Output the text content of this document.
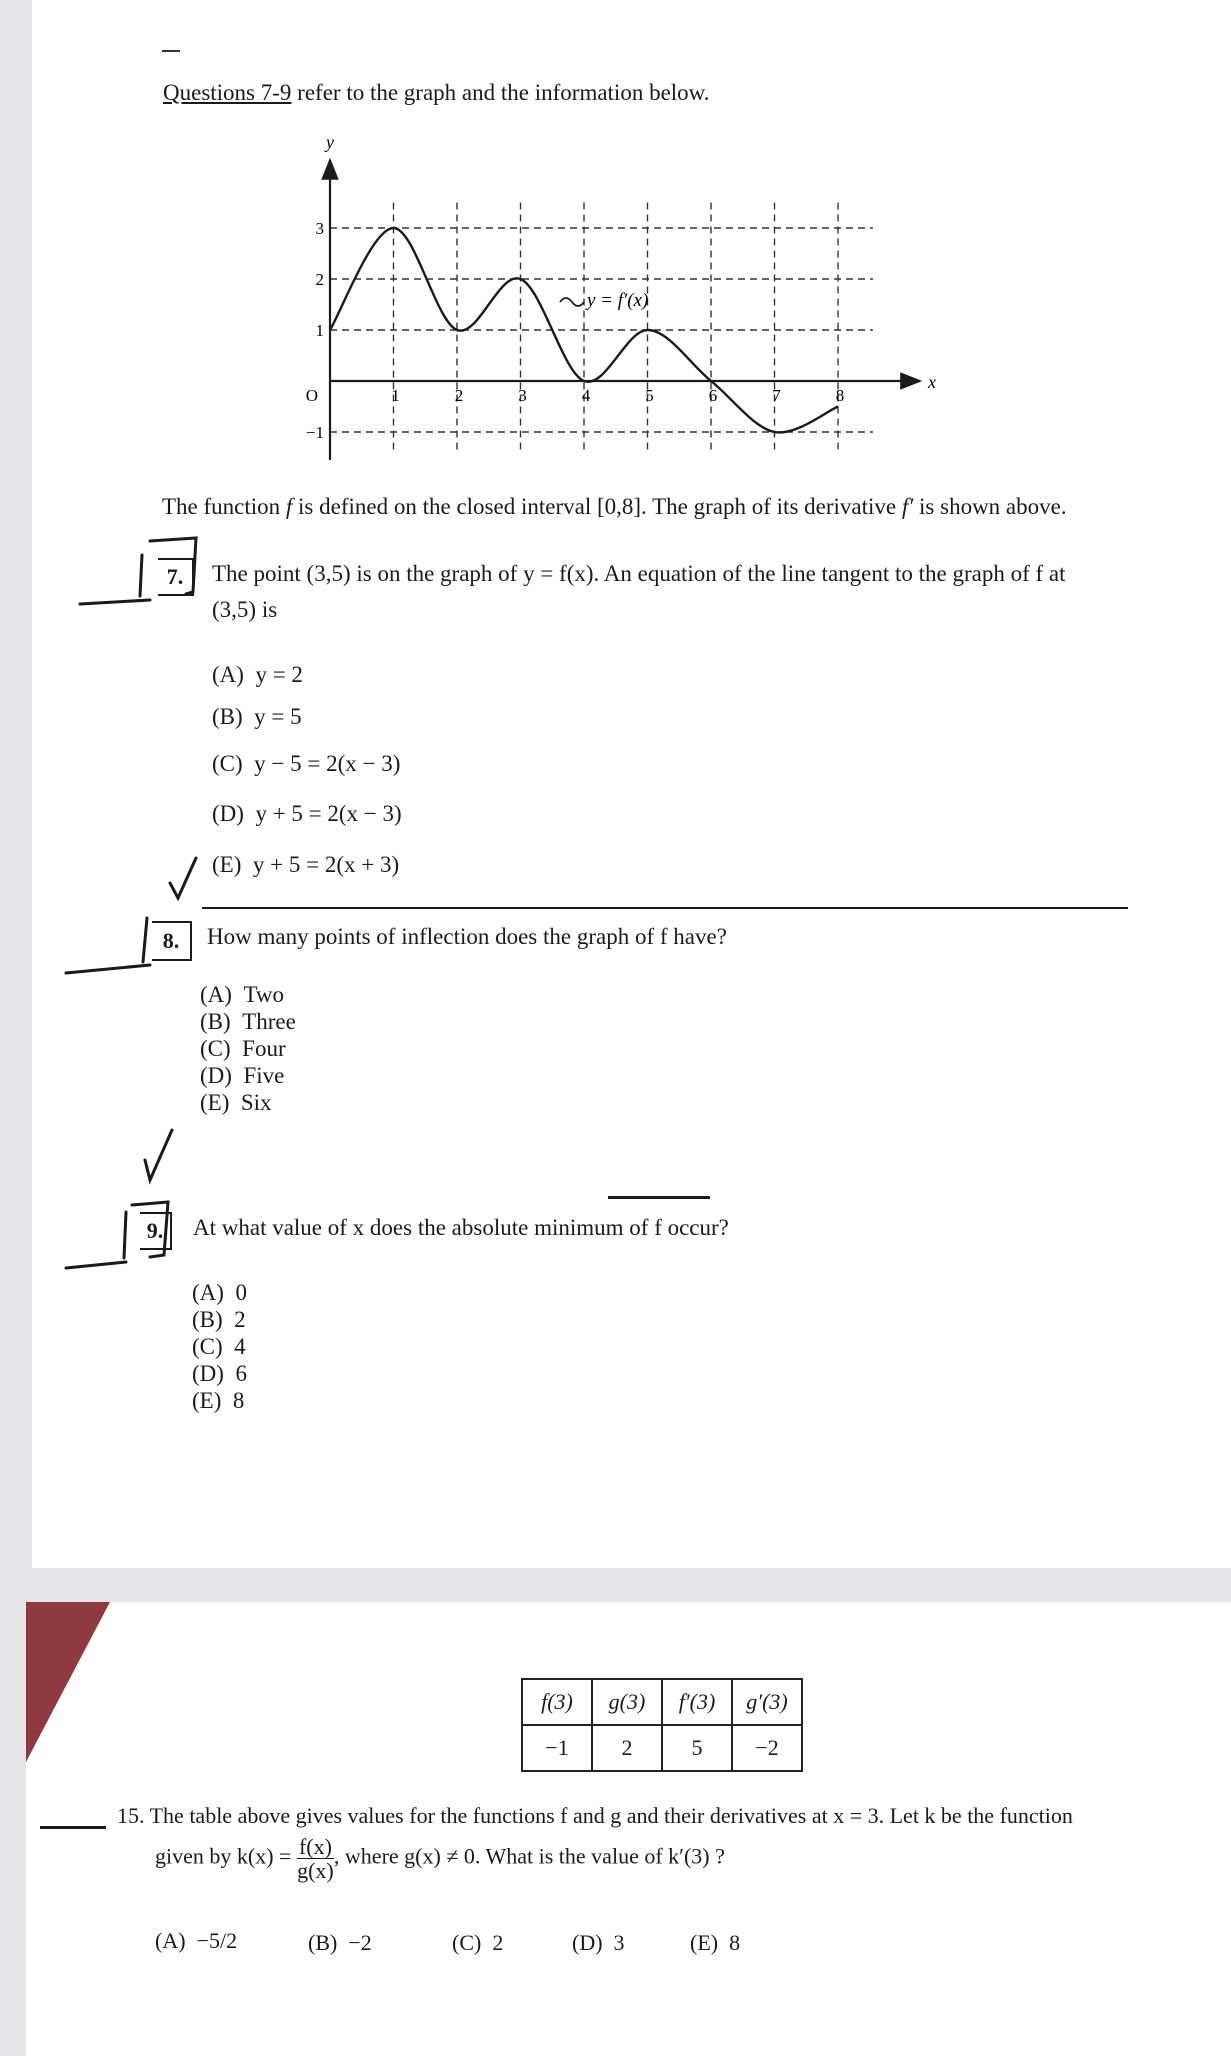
Questions 7-9 refer to the graph and the information below.
y
x
3
2
1
O
−1
1	2	3	4	5	6	7	8
y = f′(x)
The function f is defined on the closed interval [0,8]. The graph of its derivative f′ is shown above.
7.	The point (3,5) is on the graph of y = f(x). An equation of the line tangent to the graph of f at
(3,5) is
(A) y = 2
(B) y = 5
(C) y − 5 = 2(x − 3)
(D) y + 5 = 2(x − 3)
(E) y + 5 = 2(x + 3)
8.	How many points of inflection does the graph of f have?
(A) Two
(B) Three
(C) Four
(D) Five
(E) Six
9.	At what value of x does the absolute minimum of f occur?
(A) 0
(B) 2
(C) 4
(D) 6
(E) 8
f(3)	g(3)	f′(3)	g′(3)
−1	2	5	−2
15. The table above gives values for the functions f and g and their derivatives at x = 3. Let k be the function
given by $k(x) = \frac{f(x)}{g(x)}$ , where g(x) ≠ 0. What is the value of k′(3) ?
(A) −5/2	(B) −2	(C) 2	(D) 3	(E) 8
